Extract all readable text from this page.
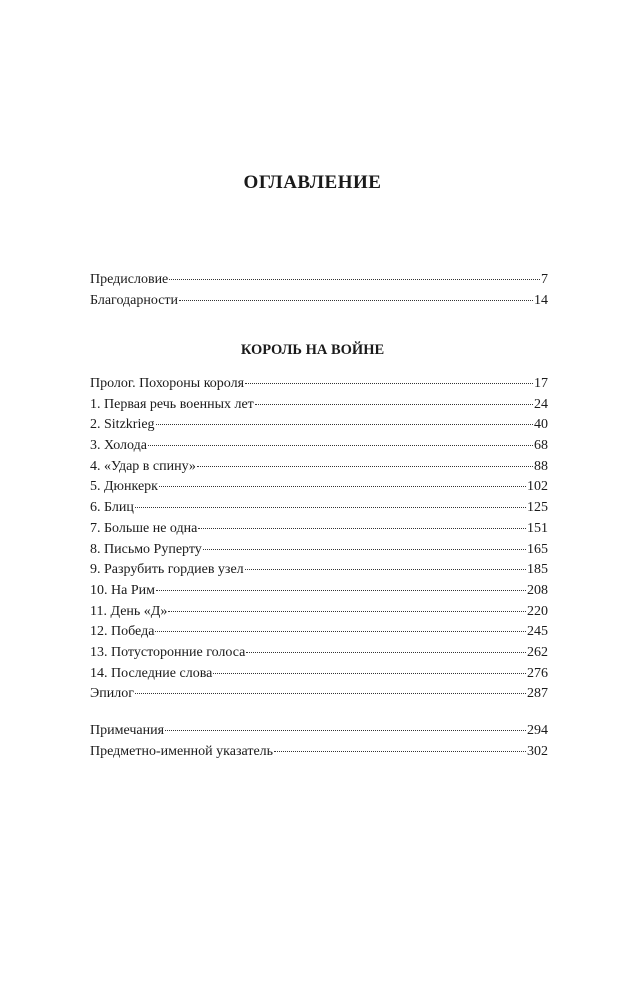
ОГЛАВЛЕНИЕ
Предисловие	7
Благодарности	14
КОРОЛЬ НА ВОЙНЕ
Пролог. Похороны короля	17
1. Первая речь военных лет	24
2. Sitzkrieg	40
3. Холода	68
4. «Удар в спину»	88
5. Дюнкерк	102
6. Блиц	125
7. Больше не одна	151
8. Письмо Руперту	165
9. Разрубить гордиев узел	185
10. На Рим	208
11. День «Д»	220
12. Победа	245
13. Потусторонние голоса	262
14. Последние слова	276
Эпилог	287
Примечания	294
Предметно-именной указатель	302
